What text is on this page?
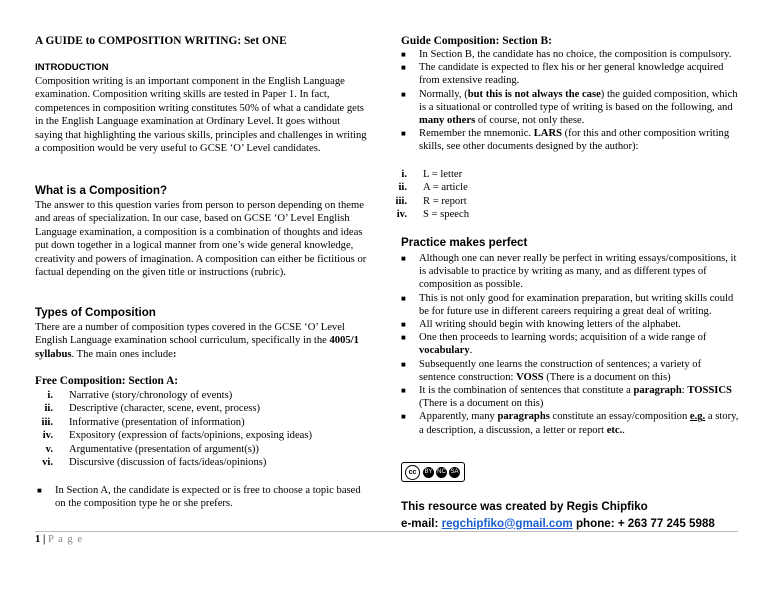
A GUIDE to COMPOSITION WRITING: Set ONE

INTRODUCTION

Composition writing is an important component in the English Language examination. Composition writing skills are tested in Paper 1. In fact, competences in composition writing constitutes 50% of what a candidate gets in the English Language examination at Ordinary Level. It goes without saying that highlighting the various skills, principles and challenges in writing a composition would be very useful to GCSE ‘O’ Level candidates.

What is a Composition?

The answer to this question varies from person to person depending on theme and areas of specialization. In our case, based on GCSE ‘O’ Level English Language examination, a composition is a combination of thoughts and ideas put down together in a logical manner from one’s wide general knowledge, creativity and powers of imagination. A composition can either be fictitious or factual depending on the given title or instructions (rubric).

Types of Composition

There are a number of composition types covered in the GCSE ‘O’ Level English Language examination school curriculum, specifically in the 4005/1 syllabus. The main ones include:

Free Composition: Section A:

i. Narrative (story/chronology of events)
ii. Descriptive (character, scene, event, process)
iii. Informative (presentation of information)
iv. Expository (expression of facts/opinions, exposing ideas)
v. Argumentative (presentation of argument(s))
vi. Discursive (discussion of facts/ideas/opinions)
■ In Section A, the candidate is expected or is free to choose a topic based on the composition type he or she prefers.

Guide Composition: Section B:

■ In Section B, the candidate has no choice, the composition is compulsory.
■ The candidate is expected to flex his or her general knowledge acquired from extensive reading.
■ Normally, (but this is not always the case) the guided composition, which is a situational or controlled type of writing is based on the following, and many others of course, not only these.
■ Remember the mnemonic. LARS (for this and other composition writing skills, see other documents designed by the author):
i. L = letter
ii. A = article
iii. R = report
iv. S = speech

Practice makes perfect

■ Although one can never really be perfect in writing essays/compositions, it is advisable to practice by writing as many, and as different types of composition as possible.
■ This is not only good for examination preparation, but writing skills could be for future use in different careers requiring a great deal of writing.
■ All writing should begin with knowing letters of the alphabet.
■ One then proceeds to learning words; acquisition of a wide range of vocabulary.
■ Subsequently one learns the construction of sentences; a variety of sentence construction: VOSS (There is a document on this)
■ It is the combination of sentences that constitute a paragraph: TOSSICS (There is a document on this)
■ Apparently, many paragraphs constitute an essay/composition e.g. a story, a description, a discussion, a letter or report etc..
cc	BY NC SA

This resource was created by Regis Chipfiko

e-mail: regchipfiko@gmail.com phone: + 263 77 245 5988

1 | P a g e
